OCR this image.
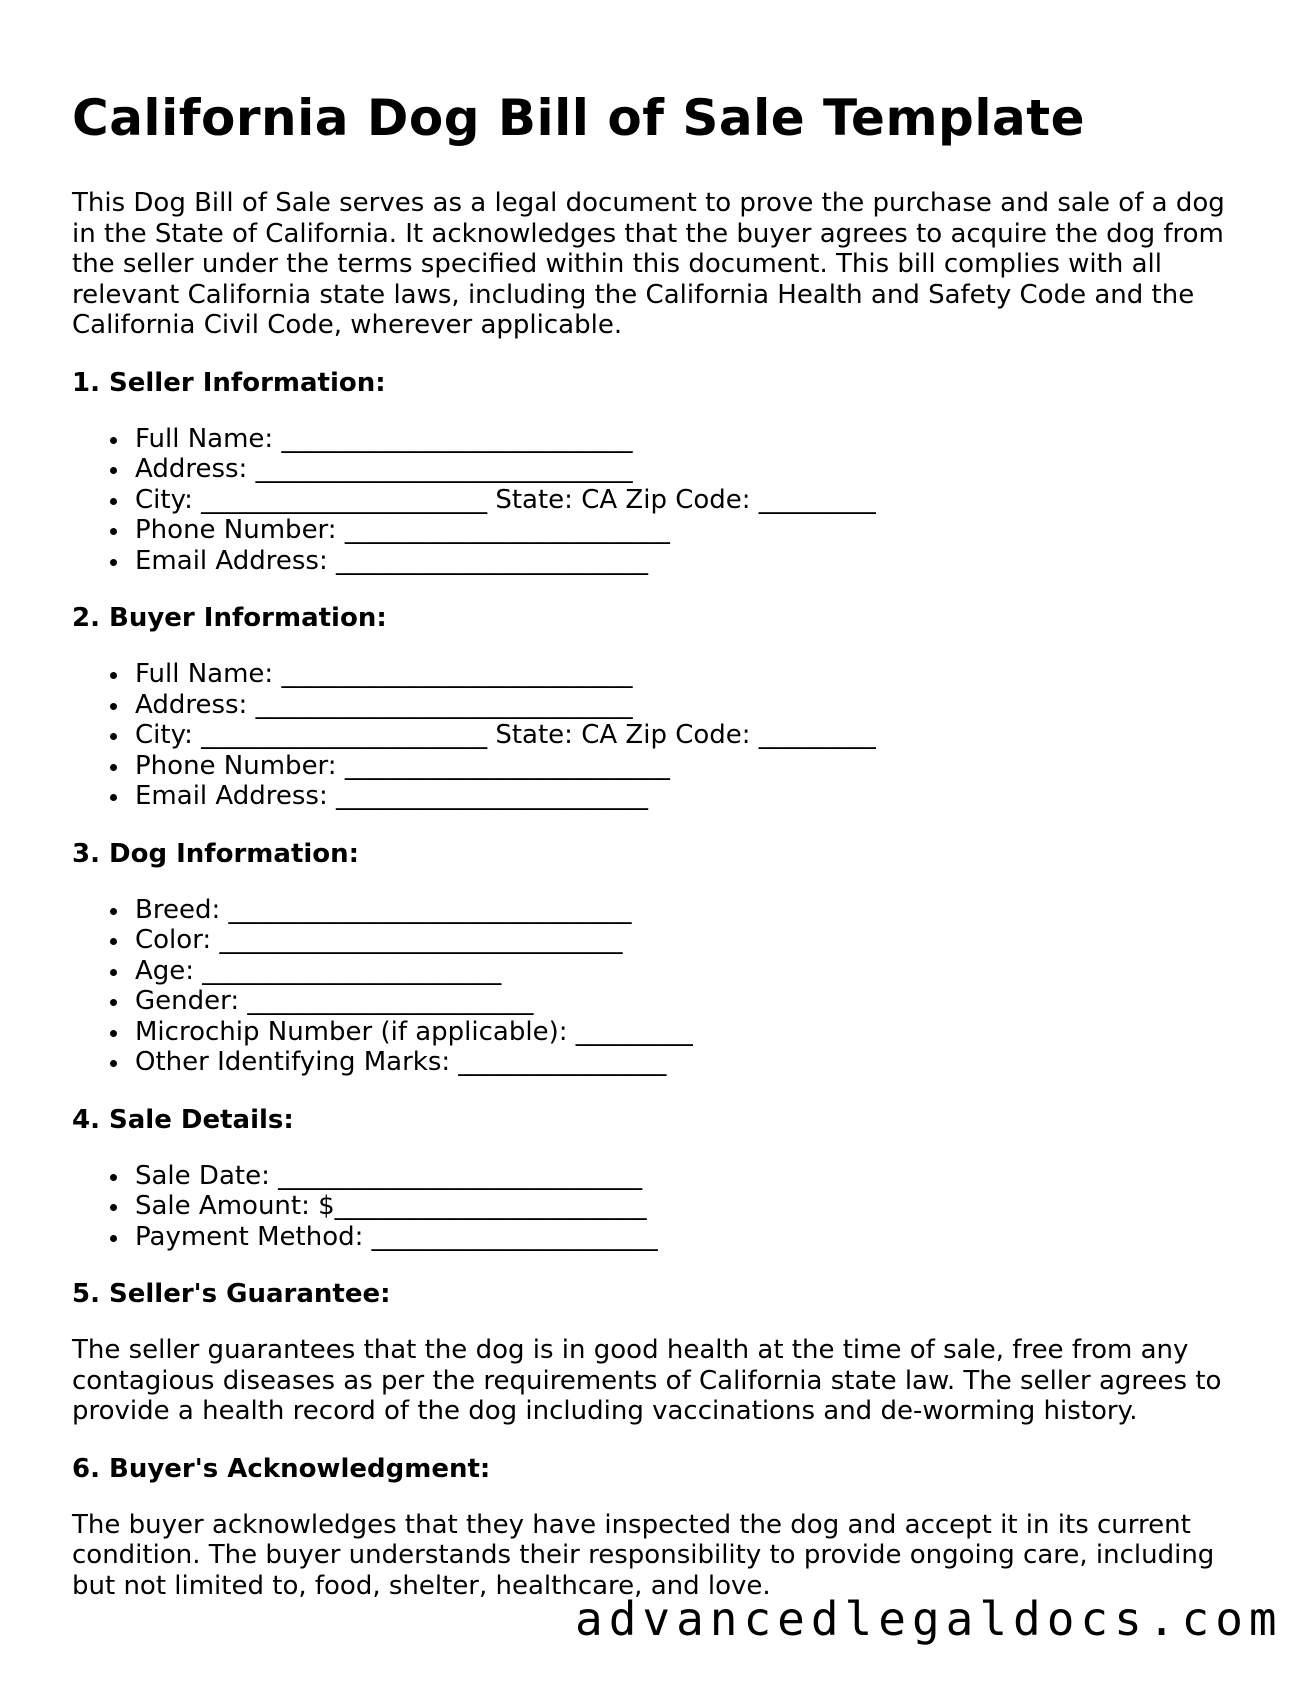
California Dog Bill of Sale Template

This Dog Bill of Sale serves as a legal document to prove the purchase and sale of a dog in the State of California. It acknowledges that the buyer agrees to acquire the dog from the seller under the terms specified within this document. This bill complies with all relevant California state laws, including the California Health and Safety Code and the California Civil Code, wherever applicable.

1. Seller Information:
Full Name: ___________________________
Address: _____________________________
City: ______________________ State: CA Zip Code: _________
Phone Number: _________________________
Email Address: ________________________
2. Buyer Information:
Full Name: ___________________________
Address: _____________________________
City: ______________________ State: CA Zip Code: _________
Phone Number: _________________________
Email Address: ________________________
3. Dog Information:
Breed: _______________________________
Color: _______________________________
Age: _______________________
Gender: ______________________
Microchip Number (if applicable): _________
Other Identifying Marks: ________________
4. Sale Details:
Sale Date: ____________________________
Sale Amount: $________________________
Payment Method: ______________________
5. Seller's Guarantee:

The seller guarantees that the dog is in good health at the time of sale, free from any contagious diseases as per the requirements of California state law. The seller agrees to provide a health record of the dog including vaccinations and de-worming history.

6. Buyer's Acknowledgment:

The buyer acknowledges that they have inspected the dog and accept it in its current condition. The buyer understands their responsibility to provide ongoing care, including but not limited to, food, shelter, healthcare, and love.

advancedlegaldocs.com
